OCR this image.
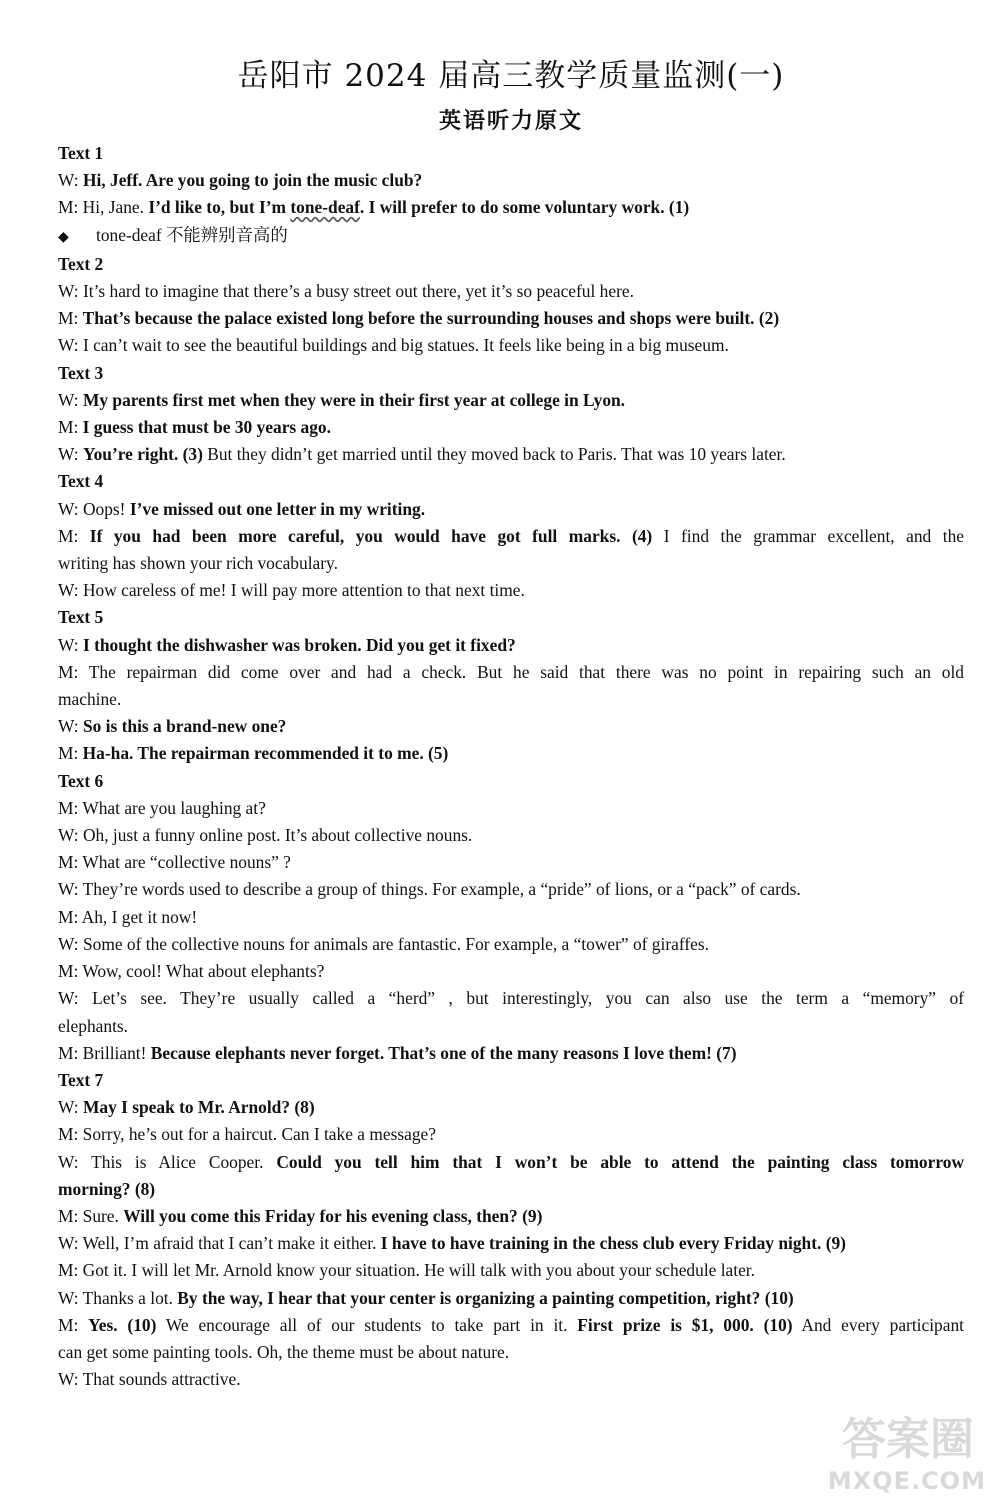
岳阳市 2024 届高三教学质量监测(一)
英语听力原文
Text 1
W: Hi, Jeff. Are you going to join the music club?
M: Hi, Jane. I’d like to, but I’m tone-deaf. I will prefer to do some voluntary work. (1)
◆ tone-deaf 不能辨别音高的
Text 2
W: It’s hard to imagine that there’s a busy street out there, yet it’s so peaceful here.
M: That’s because the palace existed long before the surrounding houses and shops were built. (2)
W: I can’t wait to see the beautiful buildings and big statues. It feels like being in a big museum.
Text 3
W: My parents first met when they were in their first year at college in Lyon.
M: I guess that must be 30 years ago.
W: You’re right. (3) But they didn’t get married until they moved back to Paris. That was 10 years later.
Text 4
W: Oops! I’ve missed out one letter in my writing.
M: If you had been more careful, you would have got full marks. (4) I find the grammar excellent, and the
writing has shown your rich vocabulary.
W: How careless of me! I will pay more attention to that next time.
Text 5
W: I thought the dishwasher was broken. Did you get it fixed?
M: The repairman did come over and had a check. But he said that there was no point in repairing such an old
machine.
W: So is this a brand-new one?
M: Ha-ha. The repairman recommended it to me. (5)
Text 6
M: What are you laughing at?
W: Oh, just a funny online post. It’s about collective nouns.
M: What are “collective nouns” ?
W: They’re words used to describe a group of things. For example, a “pride” of lions, or a “pack” of cards.
M: Ah, I get it now!
W: Some of the collective nouns for animals are fantastic. For example, a “tower” of giraffes.
M: Wow, cool! What about elephants?
W: Let’s see. They’re usually called a “herd” , but interestingly, you can also use the term a “memory” of
elephants.
M: Brilliant! Because elephants never forget. That’s one of the many reasons I love them! (7)
Text 7
W: May I speak to Mr. Arnold? (8)
M: Sorry, he’s out for a haircut. Can I take a message?
W: This is Alice Cooper. Could you tell him that I won’t be able to attend the painting class tomorrow
morning? (8)
M: Sure. Will you come this Friday for his evening class, then? (9)
W: Well, I’m afraid that I can’t make it either. I have to have training in the chess club every Friday night. (9)
M: Got it. I will let Mr. Arnold know your situation. He will talk with you about your schedule later.
W: Thanks a lot. By the way, I hear that your center is organizing a painting competition, right? (10)
M: Yes. (10) We encourage all of our students to take part in it. First prize is $1, 000. (10) And every participant
can get some painting tools. Oh, the theme must be about nature.
W: That sounds attractive.
答案圈
MXQE.COM
